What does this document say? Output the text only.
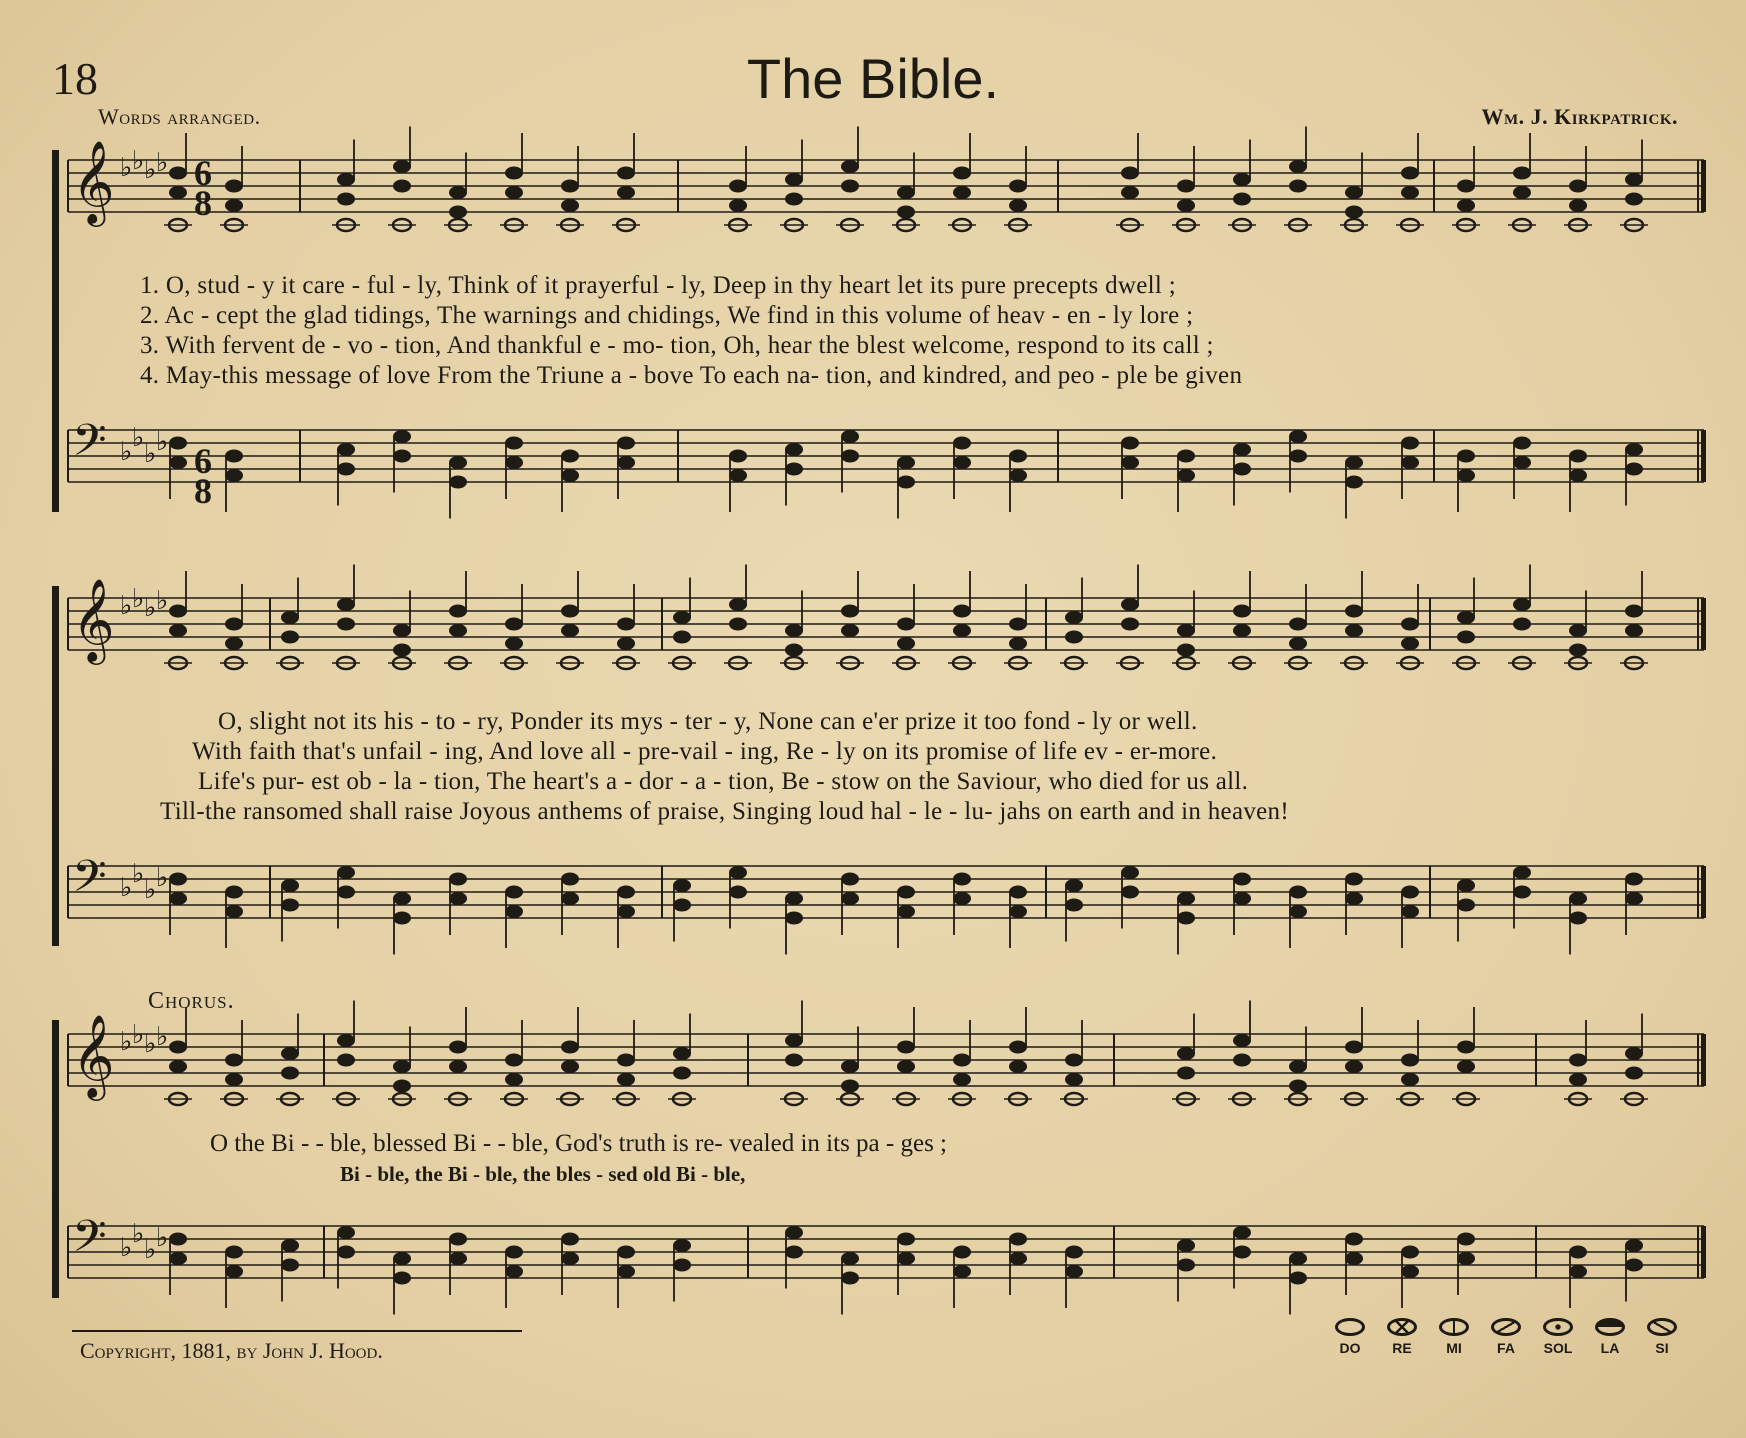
18	The Bible.
Words arranged.	Wm. J. Kirkpatrick.
𝄞 ♭ ♭ ♭ ♭
𝄢 ♭ ♭
♭ ♭
𝄞 ♭ ♭ ♭ ♭
𝄢 ♭ ♭
♭ ♭
𝄞 ♭ ♭ ♭ ♭
𝄢 ♭ ♭
♭ ♭
6
8
6
8
1. O, stud - y it care - ful - ly, Think of it prayerful - ly, Deep in thy heart let its pure precepts dwell ;
2. Ac - cept the glad tidings, The warnings and chidings, We find in this volume of heav - en - ly lore ;
3. With fervent de - vo - tion, And thankful e - mo- tion, Oh, hear the blest welcome, respond to its call ;
4. May-this message of love From the Triune a - bove To each na- tion, and kindred, and peo - ple be given
O, slight not its his - to - ry, Ponder its mys - ter - y, None can e'er prize it too fond - ly or well.
With faith that's unfail - ing, And love all - pre-vail - ing, Re - ly on its promise of life ev - er-more.
Life's pur- est ob - la - tion, The heart's a - dor - a - tion, Be - stow on the Saviour, who died for us all.
Till-the ransomed shall raise Joyous anthems of praise, Singing loud hal - le - lu- jahs on earth and in heaven!
Chorus.
O the Bi - - ble, blessed Bi - - ble, God's truth is re- vealed in its pa - ges ;
Bi - ble, the Bi - ble, the bles - sed old Bi - ble,
Copyright, 1881, by John J. Hood.	DO	RE	MI	FA	SOL	LA	SI
